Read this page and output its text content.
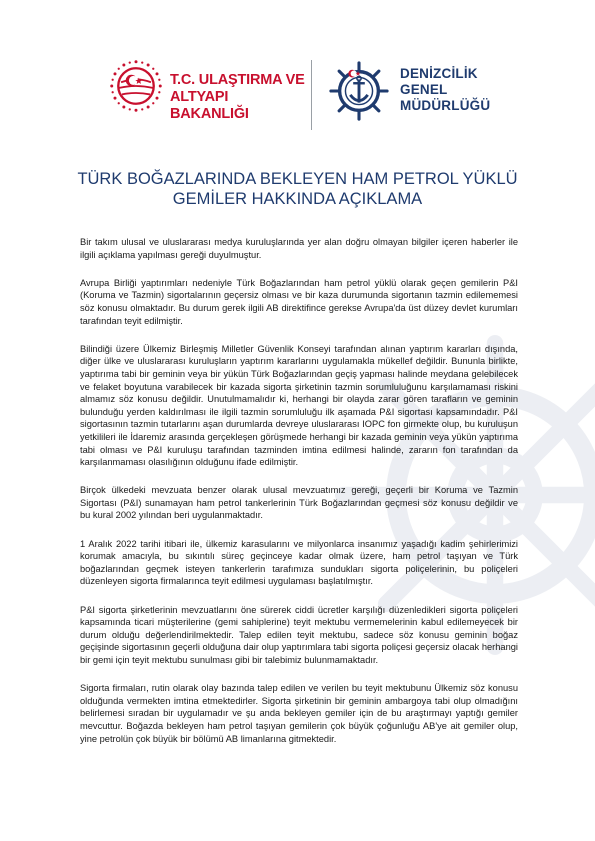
T.C. ULAŞTIRMA VE
ALTYAPI BAKANLIĞI
DENİZCİLİK
GENEL
MÜDÜRLÜĞÜ
TÜRK BOĞAZLARINDA BEKLEYEN HAM PETROL YÜKLÜ
GEMİLER HAKKINDA AÇIKLAMA

Bir takım ulusal ve uluslararası medya kuruluşlarında yer alan doğru olmayan bilgiler içeren haberler ile ilgili açıklama yapılması gereği duyulmuştur.

Avrupa Birliği yaptırımları nedeniyle Türk Boğazlarından ham petrol yüklü olarak geçen gemilerin P&I (Koruma ve Tazmin) sigortalarının geçersiz olması ve bir kaza durumunda sigortanın tazmin edilememesi söz konusu olmaktadır. Bu durum gerek ilgili AB direktifince gerekse Avrupa'da üst düzey devlet kurumları tarafından teyit edilmiştir.

Bilindiği üzere Ülkemiz Birleşmiş Milletler Güvenlik Konseyi tarafından alınan yaptırım kararları dışında, diğer ülke ve uluslararası kuruluşların yaptırım kararlarını uygulamakla mükellef değildir. Bununla birlikte, yaptırıma tabi bir geminin veya bir yükün Türk Boğazlarından geçiş yapması halinde meydana gelebilecek ve felaket boyutuna varabilecek bir kazada sigorta şirketinin tazmin sorumluluğunu karşılamaması riskini almamız söz konusu değildir. Unutulmamalıdır ki, herhangi bir olayda zarar gören tarafların ve geminin bulunduğu yerden kaldırılması ile ilgili tazmin sorumluluğu ilk aşamada P&I sigortası kapsamındadır. P&I sigortasının tazmin tutarlarını aşan durumlarda devreye uluslararası IOPC fon girmekte olup, bu kuruluşun yetkilileri ile İdaremiz arasında gerçekleşen görüşmede herhangi bir kazada geminin veya yükün yaptırıma tabi olması ve P&I kuruluşu tarafından tazminden imtina edilmesi halinde, zararın fon tarafından da karşılanmaması olasılığının olduğunu ifade edilmiştir.

Birçok ülkedeki mevzuata benzer olarak ulusal mevzuatımız gereği, geçerli bir Koruma ve Tazmin Sigortası (P&I) sunamayan ham petrol tankerlerinin Türk Boğazlarından geçmesi söz konusu değildir ve bu kural 2002 yılından beri uygulanmaktadır.

1 Aralık 2022 tarihi itibari ile, ülkemiz karasularını ve milyonlarca insanımız yaşadığı kadim şehirlerimizi korumak amacıyla, bu sıkıntılı süreç geçinceye kadar olmak üzere, ham petrol taşıyan ve Türk boğazlarından geçmek isteyen tankerlerin tarafımıza sundukları sigorta poliçelerinin, bu poliçeleri düzenleyen sigorta firmalarınca teyit edilmesi uygulaması başlatılmıştır.

P&I sigorta şirketlerinin mevzuatlarını öne sürerek ciddi ücretler karşılığı düzenledikleri sigorta poliçeleri kapsamında ticari müşterilerine (gemi sahiplerine) teyit mektubu vermemelerinin kabul edilemeyecek bir durum olduğu değerlendirilmektedir. Talep edilen teyit mektubu, sadece söz konusu geminin boğaz geçişinde sigortasının geçerli olduğuna dair olup yaptırımlara tabi sigorta poliçesi geçersiz olacak herhangi bir gemi için teyit mektubu sunulması gibi bir talebimiz bulunmamaktadır.

Sigorta firmaları, rutin olarak olay bazında talep edilen ve verilen bu teyit mektubunu Ülkemiz söz konusu olduğunda vermekten imtina etmektedirler. Sigorta şirketinin bir geminin ambargoya tabi olup olmadığını belirlemesi sıradan bir uygulamadır ve şu anda bekleyen gemiler için de bu araştırmayı yaptığı gemiler mevcuttur. Boğazda bekleyen ham petrol taşıyan gemilerin çok büyük çoğunluğu AB'ye ait gemiler olup, yine petrolün çok büyük bir bölümü AB limanlarına gitmektedir.
